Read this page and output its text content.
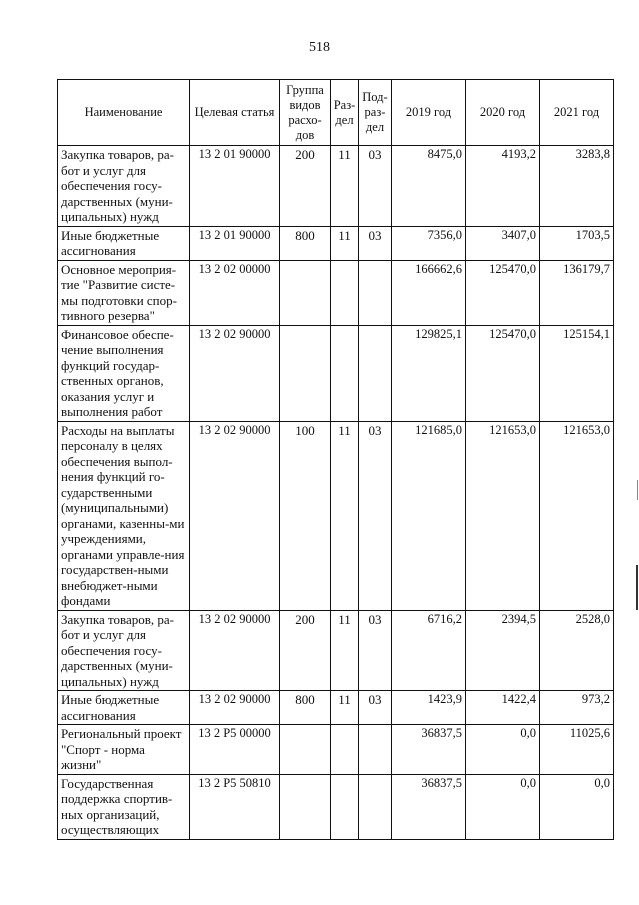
518
Наименование	Целевая статья	Группа видов расхо-дов	Раз-дел	Под-раз-дел	2019 год	2020 год	2021 год
Закупка товаров, ра-бот и услуг для обеспечения госу-дарственных (муни-ципальных) нужд	13 2 01 90000	200	11	03	8475,0	4193,2	3283,8
Иные бюджетные ассигнования	13 2 01 90000	800	11	03	7356,0	3407,0	1703,5
Основное мероприя-тие "Развитие систе-мы подготовки спор-тивного резерва"	13 2 02 00000				166662,6	125470,0	136179,7
Финансовое обеспе-чение выполнения функций государ-ственных органов, оказания услуг и выполнения работ	13 2 02 90000				129825,1	125470,0	125154,1
Расходы на выплаты персоналу в целях обеспечения выпол-нения функций го-сударственными (муниципальными) органами, казенны-ми учреждениями, органами управле-ния государствен-ными внебюджет-ными фондами	13 2 02 90000	100	11	03	121685,0	121653,0	121653,0
Закупка товаров, ра-бот и услуг для обеспечения госу-дарственных (муни-ципальных) нужд	13 2 02 90000	200	11	03	6716,2	2394,5	2528,0
Иные бюджетные ассигнования	13 2 02 90000	800	11	03	1423,9	1422,4	973,2
Региональный проект "Спорт - норма жизни"	13 2 P5 00000				36837,5	0,0	11025,6
Государственная поддержка спортив-ных организаций, осуществляющих	13 2 P5 50810				36837,5	0,0	0,0
